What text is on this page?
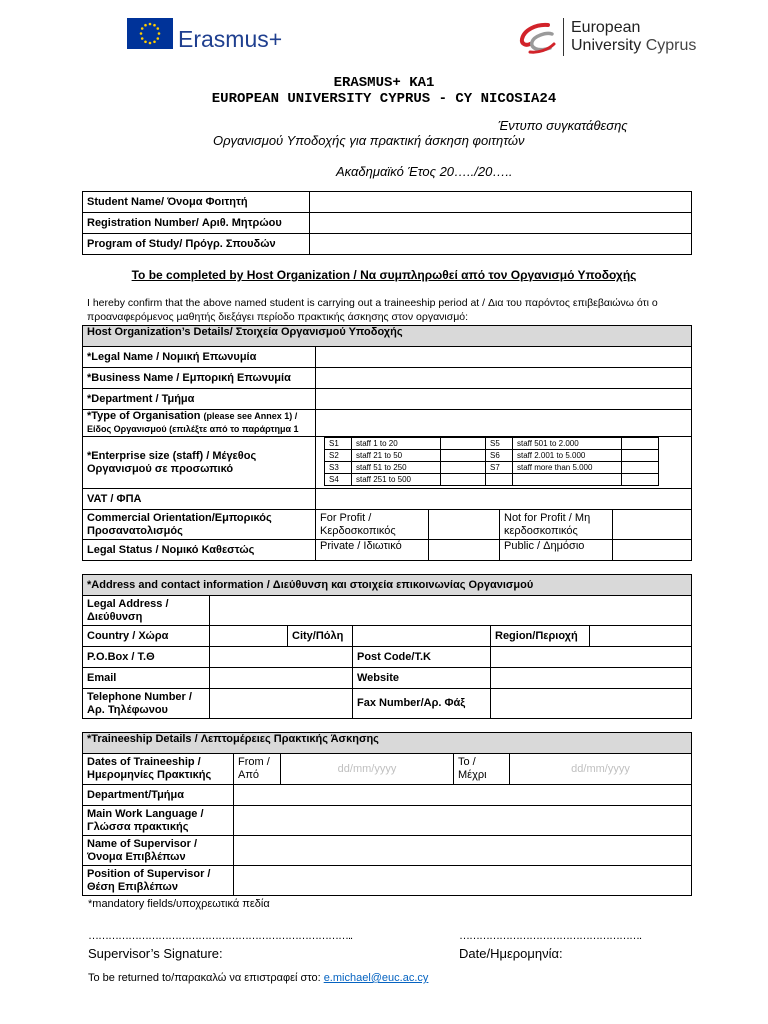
Erasmus+	European
University Cyprus
ERASMUS+ KA1
EUROPEAN UNIVERSITY CYPRUS - CY NICOSIA24
Έντυπο συγκατάθεσης
Οργανισμού Υποδοχής για πρακτική άσκηση φοιτητών
Ακαδημαϊκό Έτος 20…../20…..
Student Name/ Όνομα Φοιτητή	
Registration Number/ Αριθ. Μητρώου	
Program of Study/ Πρόγρ. Σπουδών	
To be completed by Host Organization / Να συμπληρωθεί από τον Οργανισμό Υποδοχής
I hereby confirm that the above named student is carrying out a traineeship period at / Δια του παρόντος επιβεβαιώνω ότι ο προαναφερόμενος μαθητής διεξάγει περίοδο πρακτικής άσκησης στον οργανισμό:
Host Organization’s Details/ Στοιχεία Οργανισμού Υποδοχής
*Legal Name / Νομική Επωνυμία	
*Business Name / Εμπορική Επωνυμία	
*Department / Τμήμα	
*Type of Organisation (please see Annex 1) /
Είδος Οργανισμού (επιλέξτε από το παράρτημα 1	
*Enterprise size (staff) / Μέγεθος
Οργανισμού σε προσωπικό	
S1	staff 1 to 20		S5	staff 501 to 2.000	
S2	staff 21 to 50		S6	staff 2.001 to 5.000	
S3	staff 51 to 250		S7	staff more than 5.000	
S4	staff 251 to 500				

VAT / ΦΠΑ	
Commercial Orientation/Εμπορικός
Προσανατολισμός	For Profit /
Κερδοσκοπικός		Not for Profit / Μη
κερδοσκοπικός	
Legal Status / Νομικό Καθεστώς	Private / Ιδιωτικό		Public / Δημόσιο	
*Address and contact information / Διεύθυνση και στοιχεία επικοινωνίας Οργανισμού					
Legal Address /
Διεύθυνση					
Country / Χώρα		City/Πόλη		Region/Περιοχή	
P.O.Box / Τ.Θ			Post Code/Τ.Κ		
Email			Website		
Telephone Number /
Αρ. Τηλέφωνου			Fax Number/Αρ. Φάξ		
*Traineeship Details / Λεπτομέρειες Πρακτικής Άσκησης				
Dates of Traineeship /
Ημερομηνίες Πρακτικής	From /
Από	dd/mm/yyyy	To /
Μέχρι	dd/mm/yyyy
Department/Τμήμα				
Main Work Language /
Γλώσσα πρακτικής				
Name of Supervisor /
Όνομα Επιβλέπων				
Position of Supervisor /
Θέση Επιβλέπων				
*mandatory fields/υποχρεωτικά πεδία
……………………………………………………………………..	……………………………………………….
Supervisor’s Signature:	Date/Ημερομηνία:
To be returned to/παρακαλώ να επιστραφεί στο: e.michael@euc.ac.cy
